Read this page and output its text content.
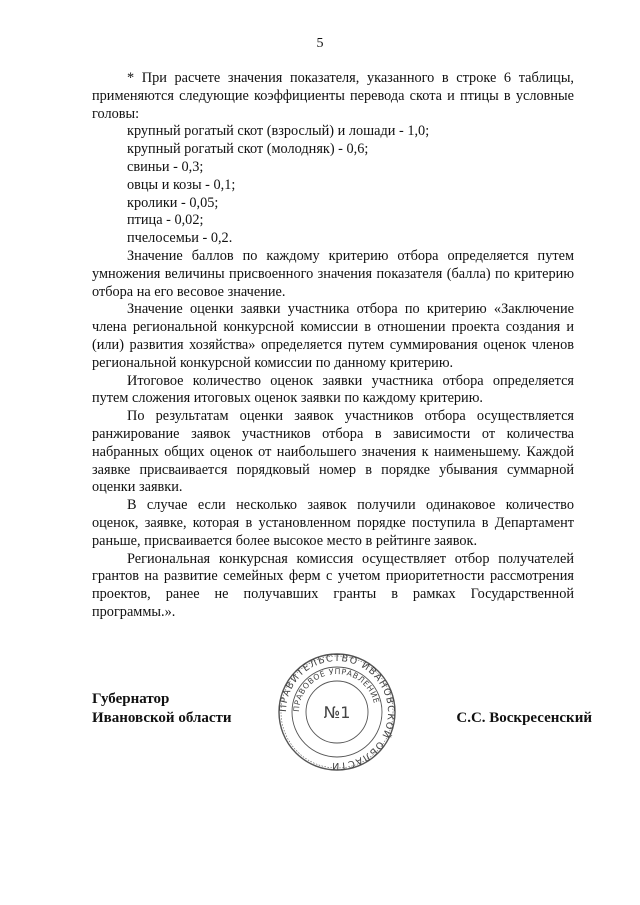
5

* При расчете значения показателя, указанного в строке 6 таблицы, применяются следующие коэффициенты перевода скота и птицы в условные головы:

крупный рогатый скот (взрослый) и лошади - 1,0;
крупный рогатый скот (молодняк) - 0,6;
свиньи - 0,3;
овцы и козы - 0,1;
кролики - 0,05;
птица - 0,02;
пчелосемьи - 0,2.

Значение баллов по каждому критерию отбора определяется путем умножения величины присвоенного значения показателя (балла) по критерию отбора на его весовое значение.

Значение оценки заявки участника отбора по критерию «Заключение члена региональной конкурсной комиссии в отношении проекта создания и (или) развития хозяйства» определяется путем суммирования оценок членов региональной конкурсной комиссии по данному критерию.

Итоговое количество оценок заявки участника отбора определяется путем сложения итоговых оценок заявки по каждому критерию.

По результатам оценки заявок участников отбора осуществляется ранжирование заявок участников отбора в зависимости от количества набранных общих оценок от наибольшего значения к наименьшему. Каждой заявке присваивается порядковый номер в порядке убывания суммарной оценки заявки.

В случае если несколько заявок получили одинаковое количество оценок, заявке, которая в установленном порядке поступила в Департамент раньше, присваивается более высокое место в рейтинге заявок.

Региональная конкурсная комиссия осуществляет отбор получателей грантов на развитие семейных ферм с учетом приоритетности рассмотрения проектов, ранее не получавших гранты в рамках Государственной программы.».

ПРАВИТЕЛЬСТВО ИВАНОВСКОЙ ОБЛАСТИ
ПРАВОВОЕ УПРАВЛЕНИЕ
№1
Губернатор
Ивановской области	С.С. Воскресенский
